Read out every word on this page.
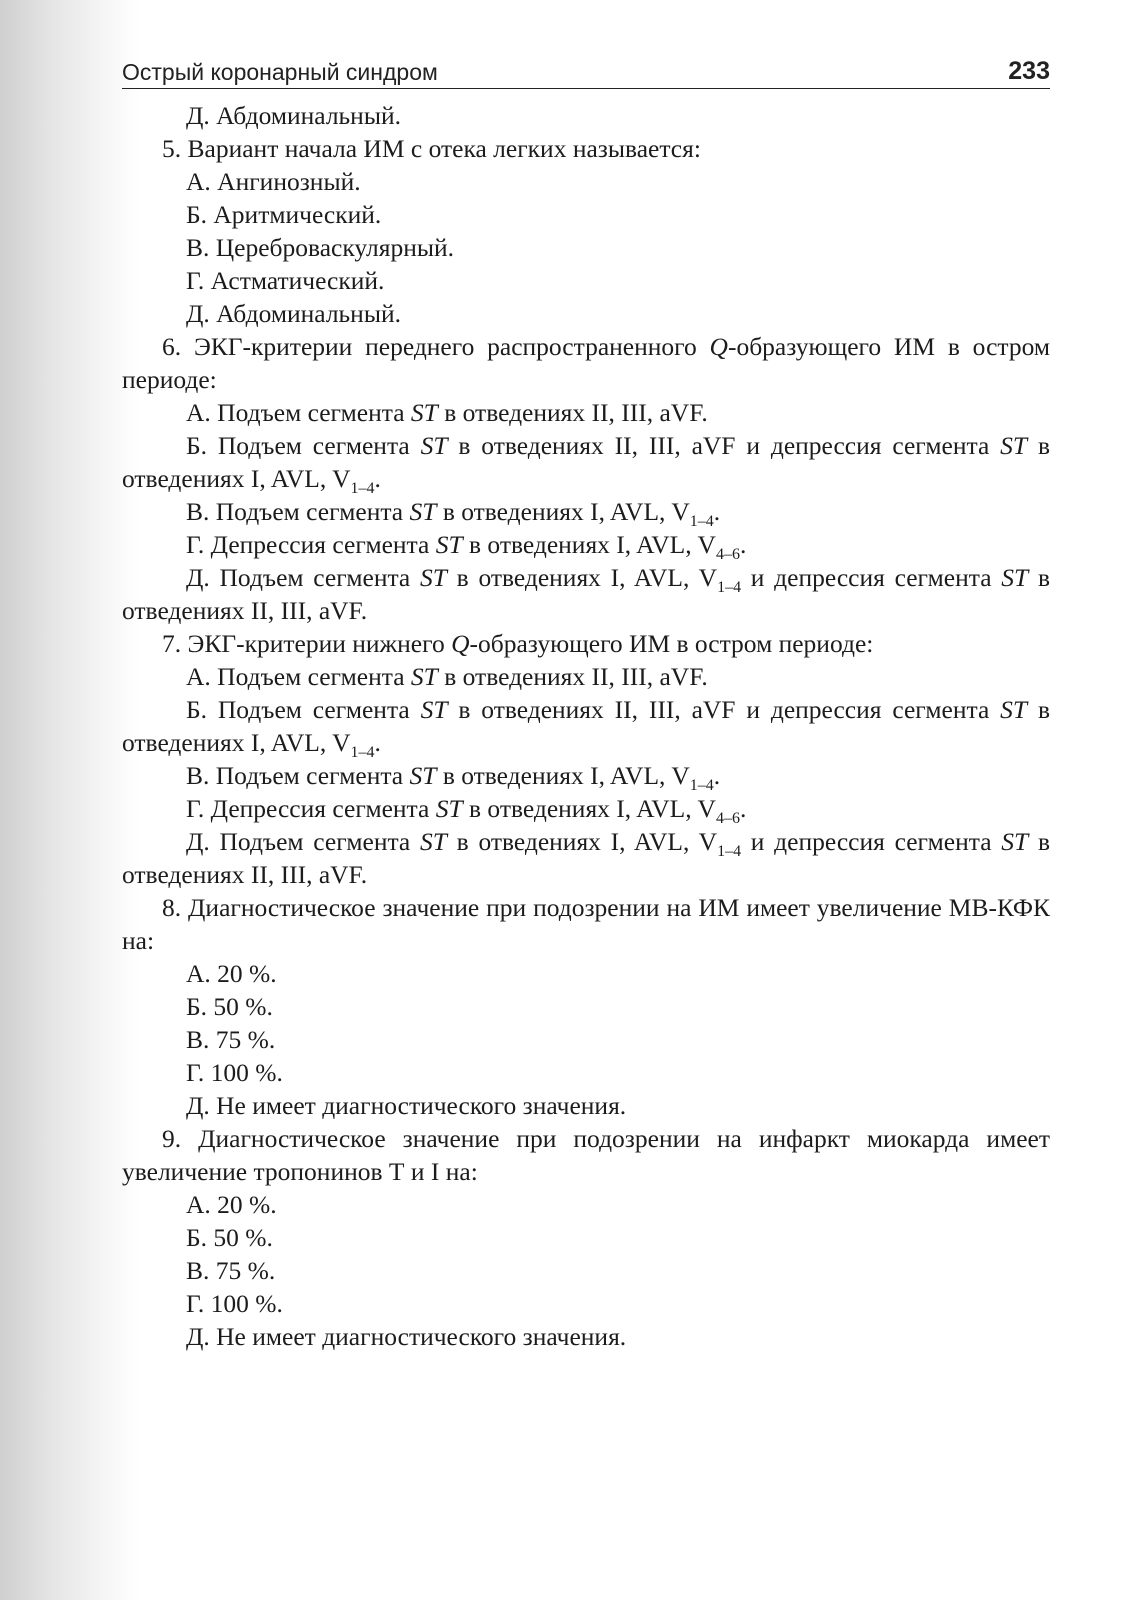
Острый коронарный синдром	233

Д. Абдоминальный.

5. Вариант начала ИМ с отека легких называется:

А. Ангинозный.

Б. Аритмический.

В. Цереброваскулярный.

Г. Астматический.

Д. Абдоминальный.

6. ЭКГ-критерии переднего распространенного Q-образующего ИМ в остром периоде:

А. Подъем сегмента ST в отведениях II, III, aVF.

Б. Подъем сегмента ST в отведениях II, III, aVF и депрессия сегмента ST в отведениях I, AVL, $V_{1-4}$.

В. Подъем сегмента ST в отведениях I, AVL, $V_{1-4}$.

Г. Депрессия сегмента ST в отведениях I, AVL, $V_{4-6}$.

Д. Подъем сегмента ST в отведениях I, AVL, $V_{1-4}$ и депрессия сегмента ST в отведениях II, III, aVF.

7. ЭКГ-критерии нижнего Q-образующего ИМ в остром периоде:

А. Подъем сегмента ST в отведениях II, III, aVF.

Б. Подъем сегмента ST в отведениях II, III, aVF и депрессия сегмента ST в отведениях I, AVL, $V_{1-4}$.

В. Подъем сегмента ST в отведениях I, AVL, $V_{1-4}$.

Г. Депрессия сегмента ST в отведениях I, AVL, $V_{4-6}$.

Д. Подъем сегмента ST в отведениях I, AVL, $V_{1-4}$ и депрессия сегмента ST в отведениях II, III, aVF.

8. Диагностическое значение при подозрении на ИМ имеет увеличение МВ-КФК на:

А. 20 %.

Б. 50 %.

В. 75 %.

Г. 100 %.

Д. Не имеет диагностического значения.

9. Диагностическое значение при подозрении на инфаркт миокарда имеет увеличение тропонинов Т и I на:

А. 20 %.

Б. 50 %.

В. 75 %.

Г. 100 %.

Д. Не имеет диагностического значения.
